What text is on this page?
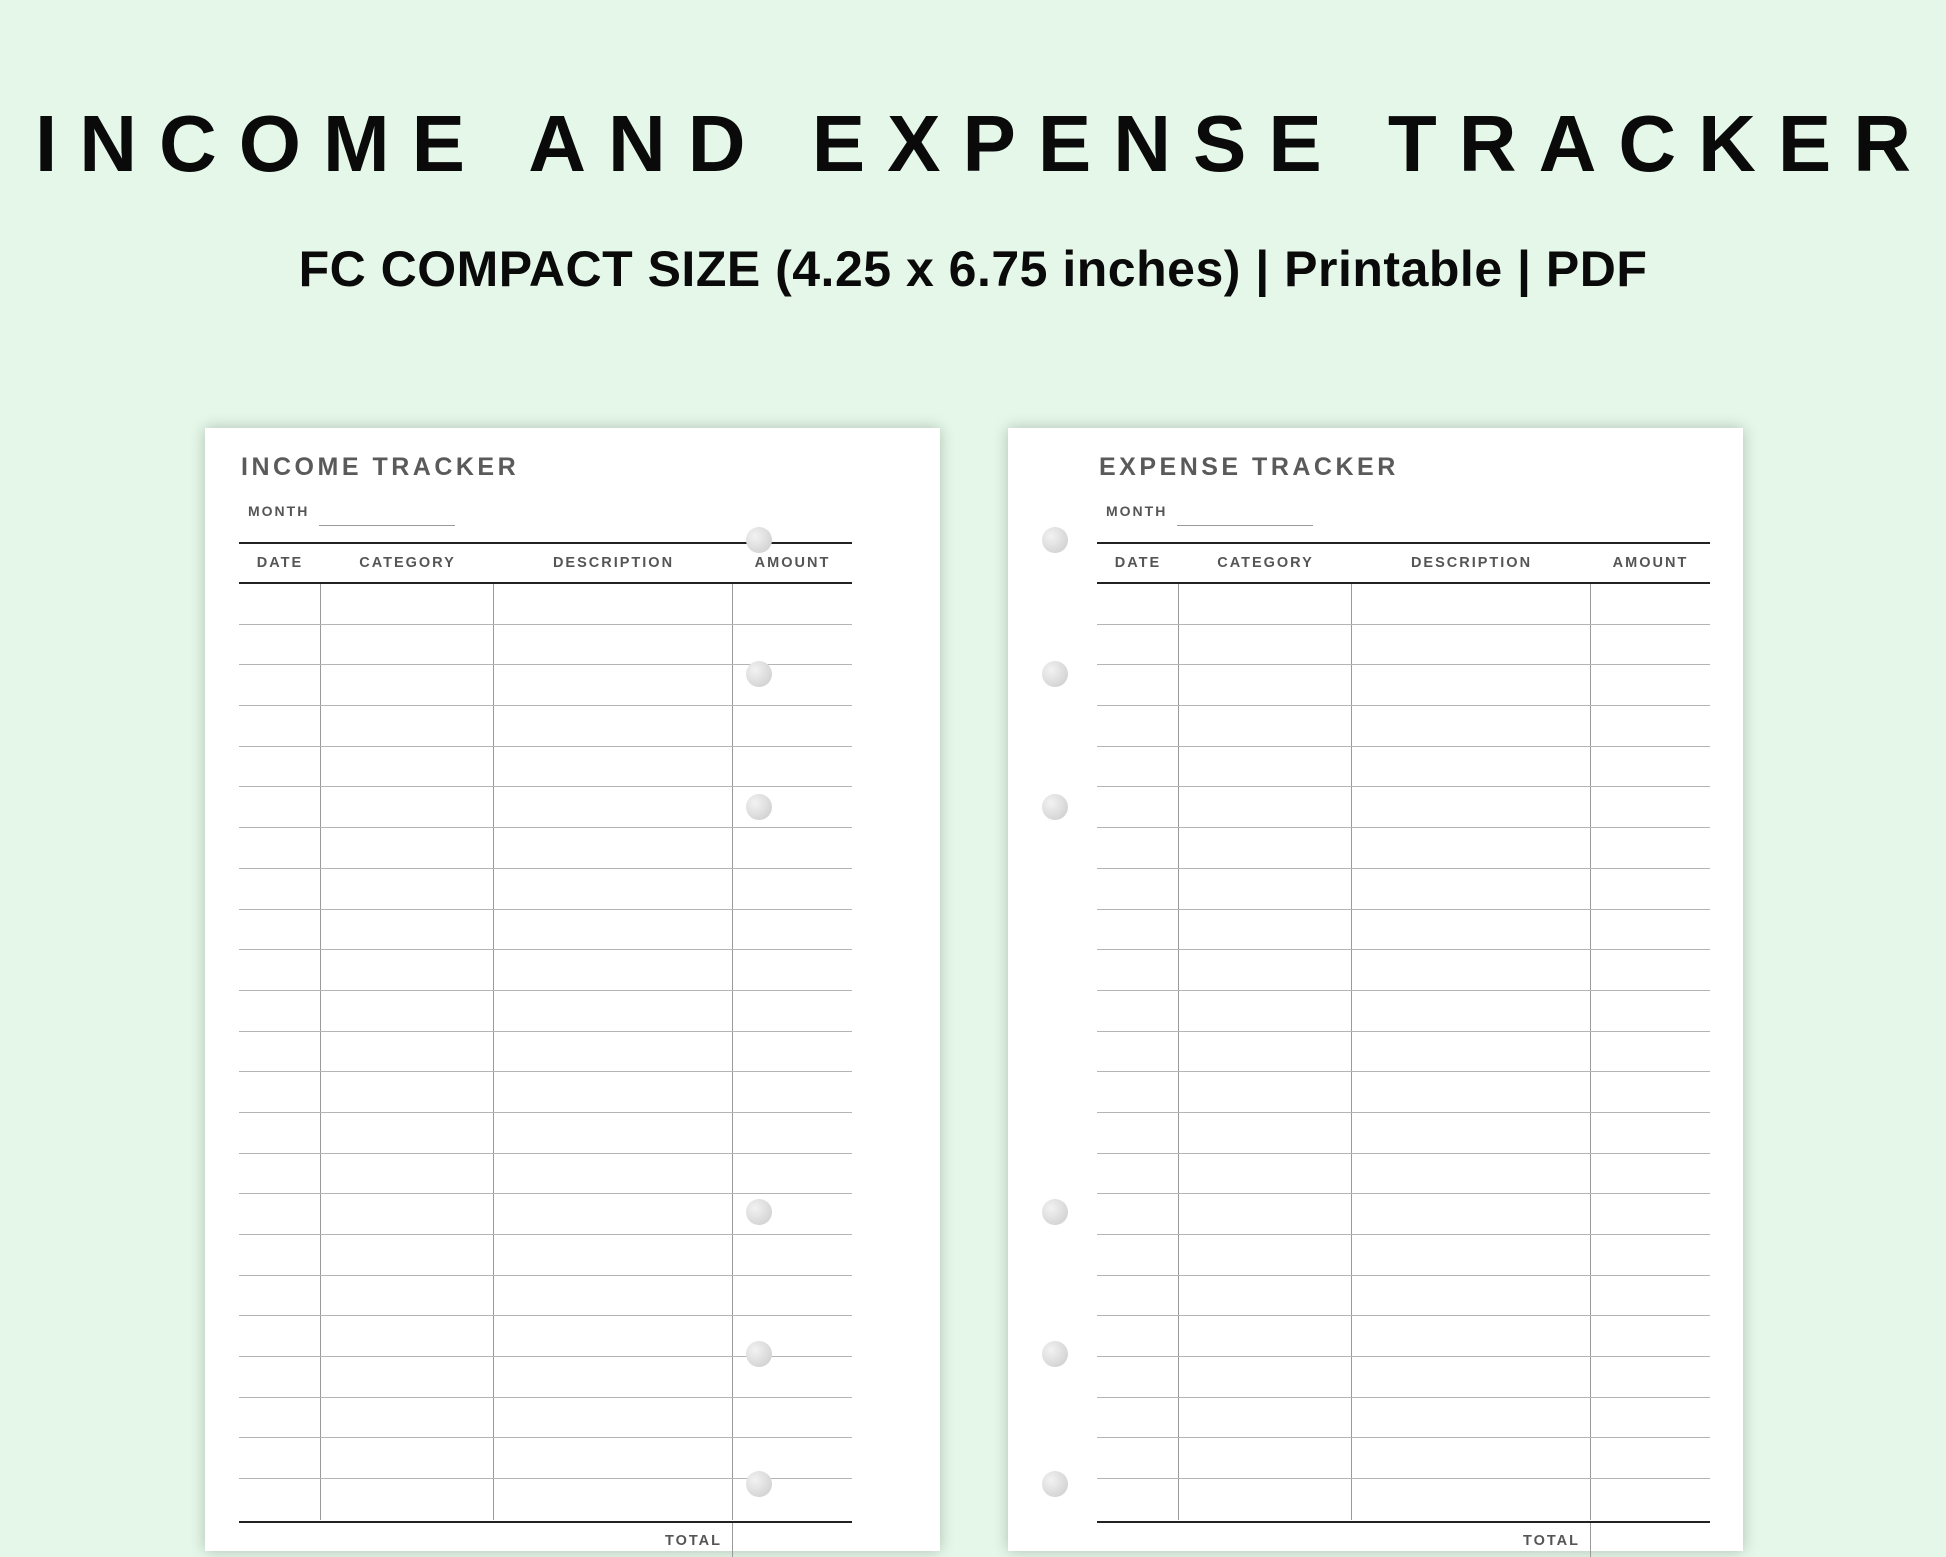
INCOME AND EXPENSE TRACKER

FC COMPACT SIZE (4.25 x 6.75 inches) | Printable | PDF

INCOME TRACKER
MONTH
DATE	CATEGORY	DESCRIPTION	AMOUNT
TOTAL
EXPENSE TRACKER
MONTH
DATE	CATEGORY	DESCRIPTION	AMOUNT
TOTAL
